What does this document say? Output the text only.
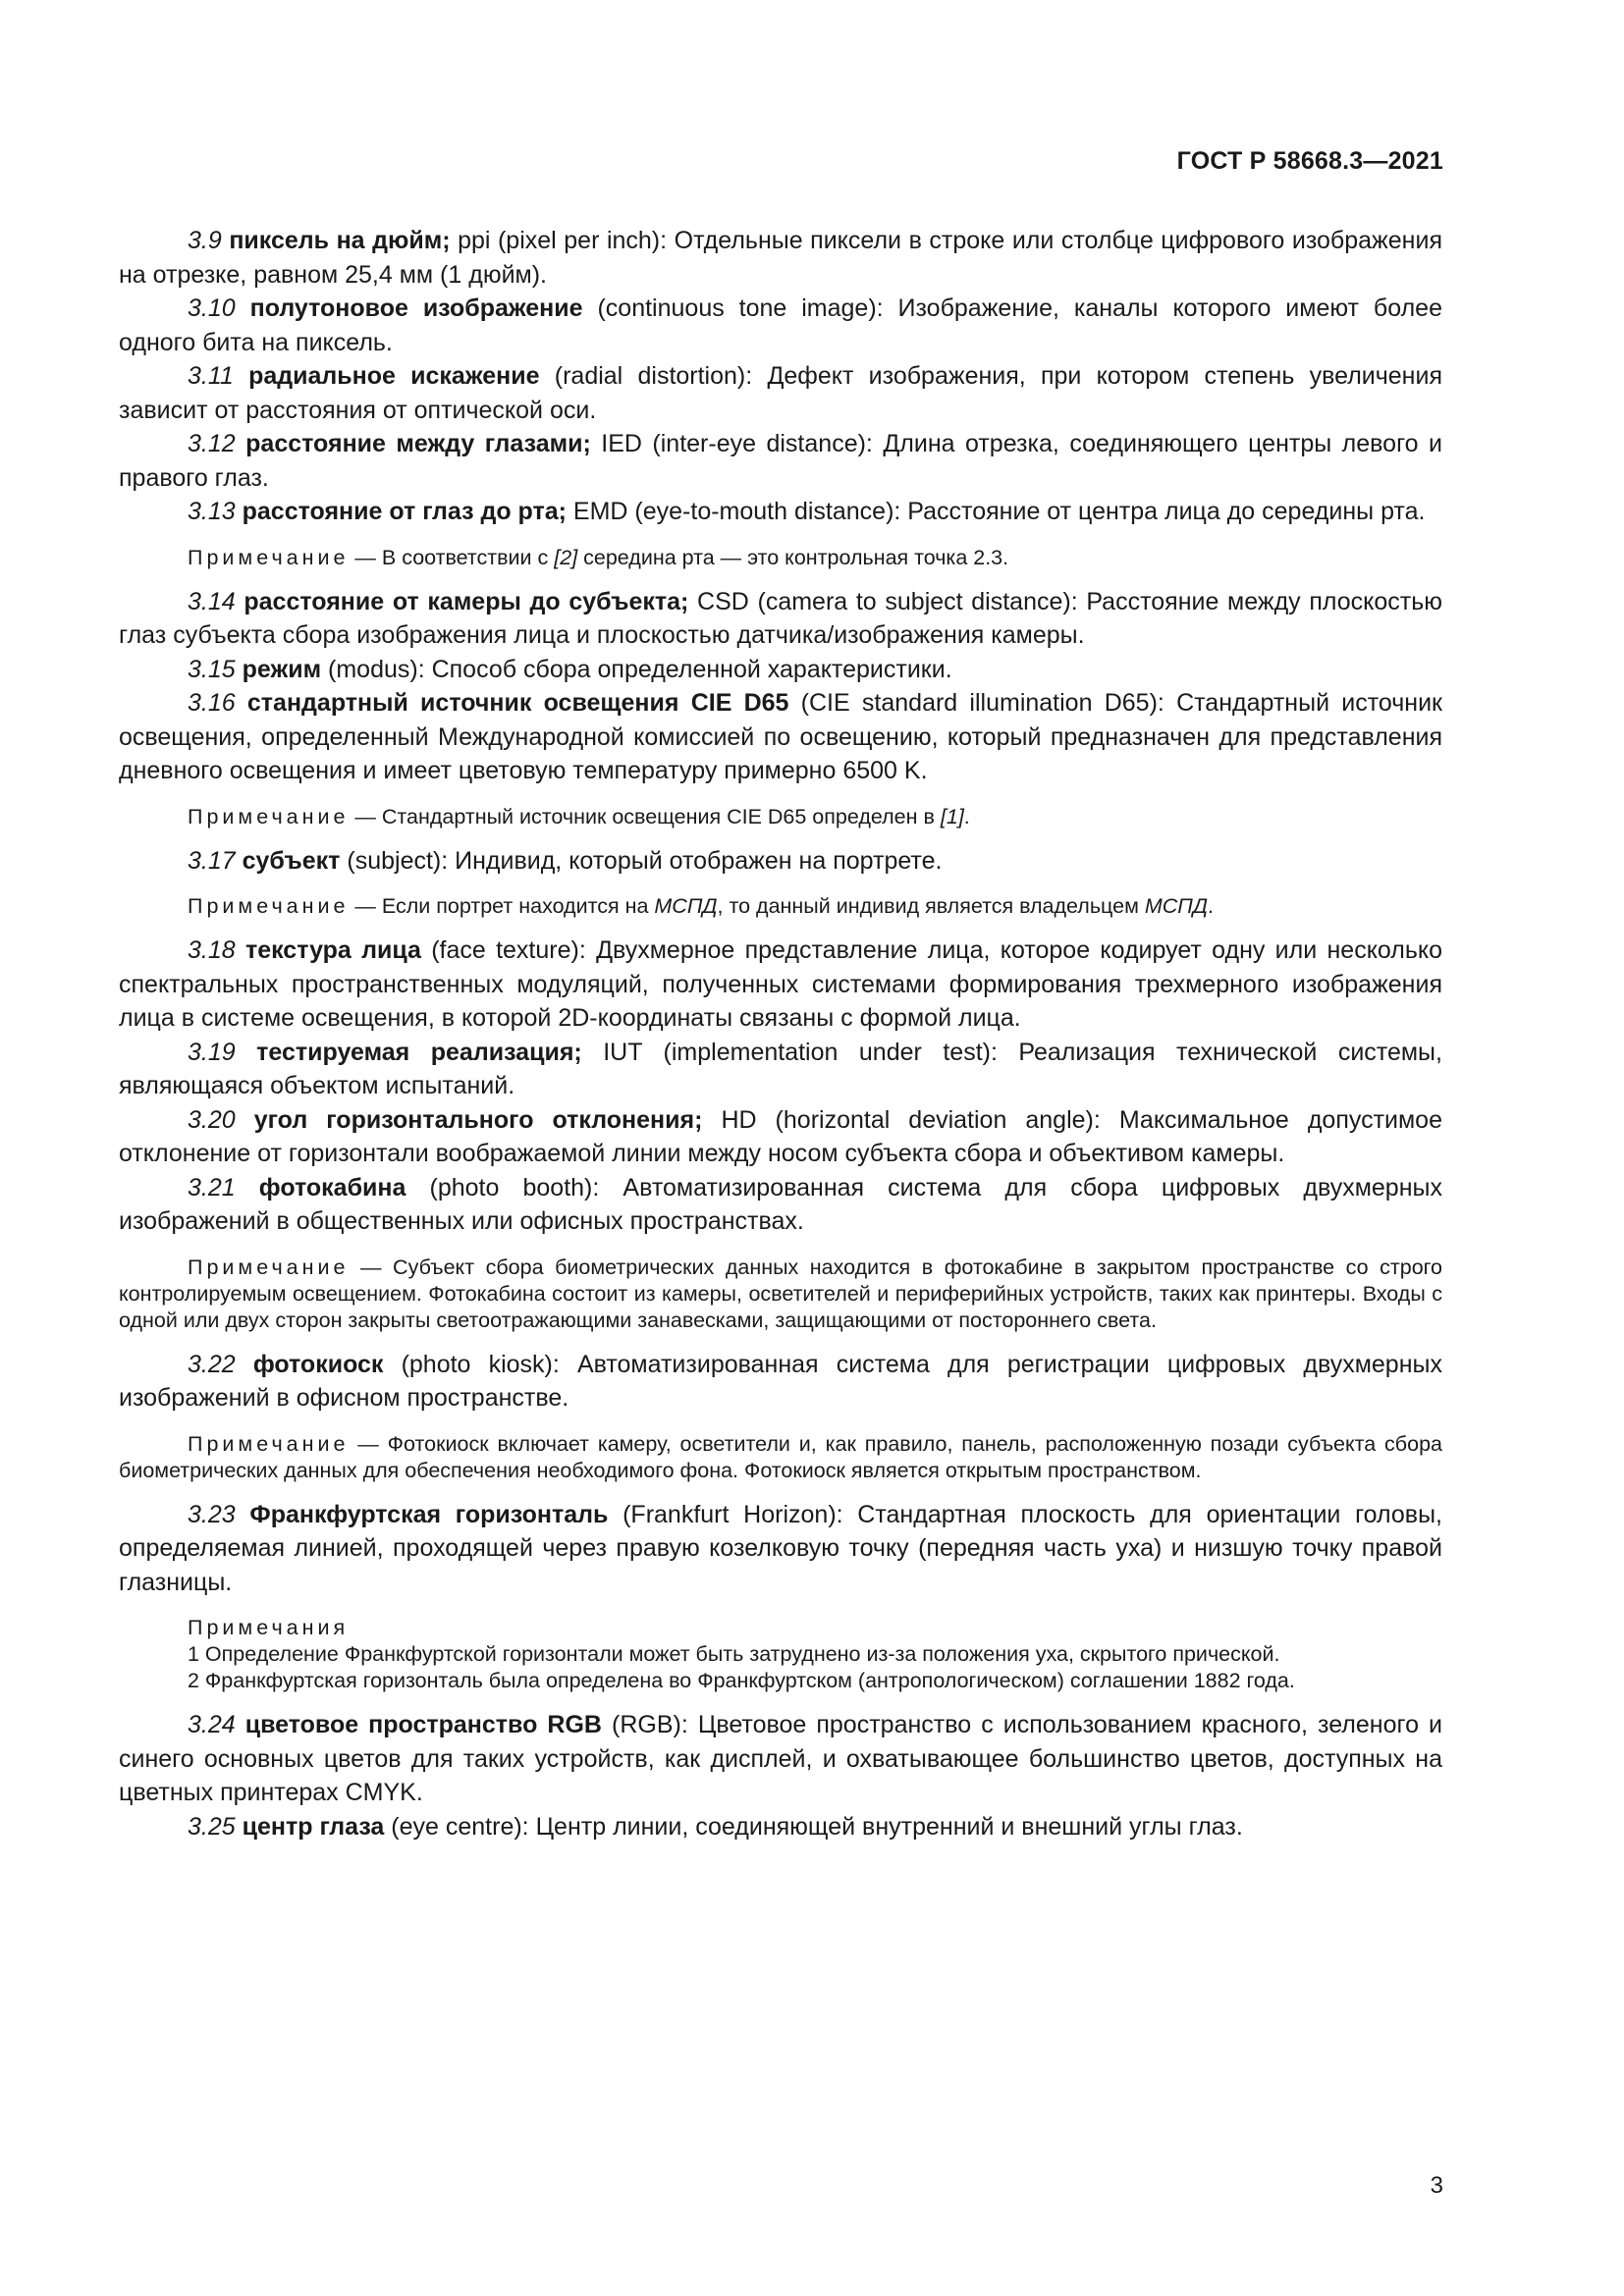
ГОСТ Р 58668.3—2021

3.9 пиксель на дюйм; ppi (pixel per inch): Отдельные пиксели в строке или столбце цифрового изображения на отрезке, равном 25,4 мм (1 дюйм).

3.10 полутоновое изображение (continuous tone image): Изображение, каналы которого имеют более одного бита на пиксель.

3.11 радиальное искажение (radial distortion): Дефект изображения, при котором степень увеличения зависит от расстояния от оптической оси.

3.12 расстояние между глазами; IED (inter-eye distance): Длина отрезка, соединяющего центры левого и правого глаз.

3.13 расстояние от глаз до рта; EMD (eye-to-mouth distance): Расстояние от центра лица до середины рта.

Примечание — В соответствии с [2] середина рта — это контрольная точка 2.3.

3.14 расстояние от камеры до субъекта; CSD (camera to subject distance): Расстояние между плоскостью глаз субъекта сбора изображения лица и плоскостью датчика/изображения камеры.

3.15 режим (modus): Способ сбора определенной характеристики.

3.16 стандартный источник освещения CIE D65 (CIE standard illumination D65): Стандартный источник освещения, определенный Международной комиссией по освещению, который предназначен для представления дневного освещения и имеет цветовую температуру примерно 6500 K.

Примечание — Стандартный источник освещения CIE D65 определен в [1].

3.17 субъект (subject): Индивид, который отображен на портрете.

Примечание — Если портрет находится на МСПД, то данный индивид является владельцем МСПД.

3.18 текстура лица (face texture): Двухмерное представление лица, которое кодирует одну или несколько спектральных пространственных модуляций, полученных системами формирования трехмерного изображения лица в системе освещения, в которой 2D-координаты связаны с формой лица.

3.19 тестируемая реализация; IUT (implementation under test): Реализация технической системы, являющаяся объектом испытаний.

3.20 угол горизонтального отклонения; HD (horizontal deviation angle): Максимальное допустимое отклонение от горизонтали воображаемой линии между носом субъекта сбора и объективом камеры.

3.21 фотокабина (photo booth): Автоматизированная система для сбора цифровых двухмерных изображений в общественных или офисных пространствах.

Примечание — Субъект сбора биометрических данных находится в фотокабине в закрытом пространстве со строго контролируемым освещением. Фотокабина состоит из камеры, осветителей и периферийных устройств, таких как принтеры. Входы с одной или двух сторон закрыты светоотражающими занавесками, защищающими от постороннего света.

3.22 фотокиоск (photo kiosk): Автоматизированная система для регистрации цифровых двухмерных изображений в офисном пространстве.

Примечание — Фотокиоск включает камеру, осветители и, как правило, панель, расположенную позади субъекта сбора биометрических данных для обеспечения необходимого фона. Фотокиоск является открытым пространством.

3.23 Франкфуртская горизонталь (Frankfurt Horizon): Стандартная плоскость для ориентации головы, определяемая линией, проходящей через правую козелковую точку (передняя часть уха) и низшую точку правой глазницы.

Примечания

1 Определение Франкфуртской горизонтали может быть затруднено из-за положения уха, скрытого прической.

2 Франкфуртская горизонталь была определена во Франкфуртском (антропологическом) соглашении 1882 года.

3.24 цветовое пространство RGB (RGB): Цветовое пространство с использованием красного, зеленого и синего основных цветов для таких устройств, как дисплей, и охватывающее большинство цветов, доступных на цветных принтерах CMYK.

3.25 центр глаза (eye centre): Центр линии, соединяющей внутренний и внешний углы глаз.

3
